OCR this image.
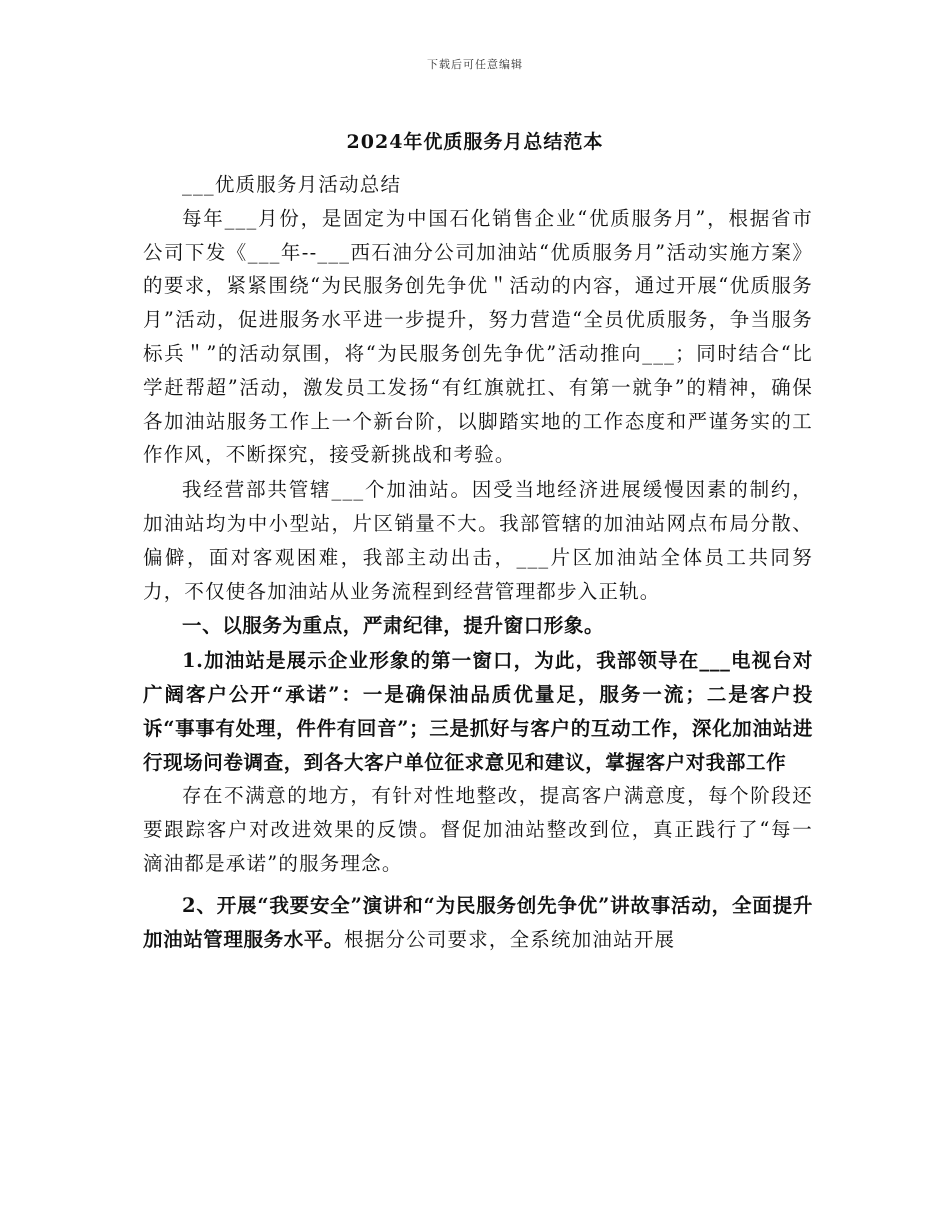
下载后可任意编辑
2024年优质服务月总结范本

___优质服务月活动总结

每年___月份，是固定为中国石化销售企业“优质服务月”，根据省市公司下发《___年--___西石油分公司加油站“优质服务月”活动实施方案》的要求，紧紧围绕“为民服务创先争优＂活动的内容，通过开展“优质服务月”活动，促进服务水平进一步提升，努力营造“全员优质服务，争当服务标兵＂”的活动氛围，将“为民服务创先争优”活动推向___；同时结合“比学赶帮超”活动，激发员工发扬“有红旗就扛、有第一就争”的精神，确保各加油站服务工作上一个新台阶，以脚踏实地的工作态度和严谨务实的工作作风，不断探究，接受新挑战和考验。

我经营部共管辖___个加油站。因受当地经济进展缓慢因素的制约，加油站均为中小型站，片区销量不大。我部管辖的加油站网点布局分散、偏僻，面对客观困难，我部主动出击，___片区加油站全体员工共同努力，不仅使各加油站从业务流程到经营管理都步入正轨。

一、以服务为重点，严肃纪律，提升窗口形象。

1.加油站是展示企业形象的第一窗口，为此，我部领导在___电视台对广阔客户公开“承诺”：一是确保油品质优量足，服务一流；二是客户投诉“事事有处理，件件有回音”；三是抓好与客户的互动工作，深化加油站进行现场问卷调查，到各大客户单位征求意见和建议，掌握客户对我部工作

存在不满意的地方，有针对性地整改，提高客户满意度，每个阶段还要跟踪客户对改进效果的反馈。督促加油站整改到位，真正践行了“每一滴油都是承诺”的服务理念。

2、开展“我要安全”演讲和“为民服务创先争优”讲故事活动，全面提升加油站管理服务水平。根据分公司要求，全系统加油站开展
